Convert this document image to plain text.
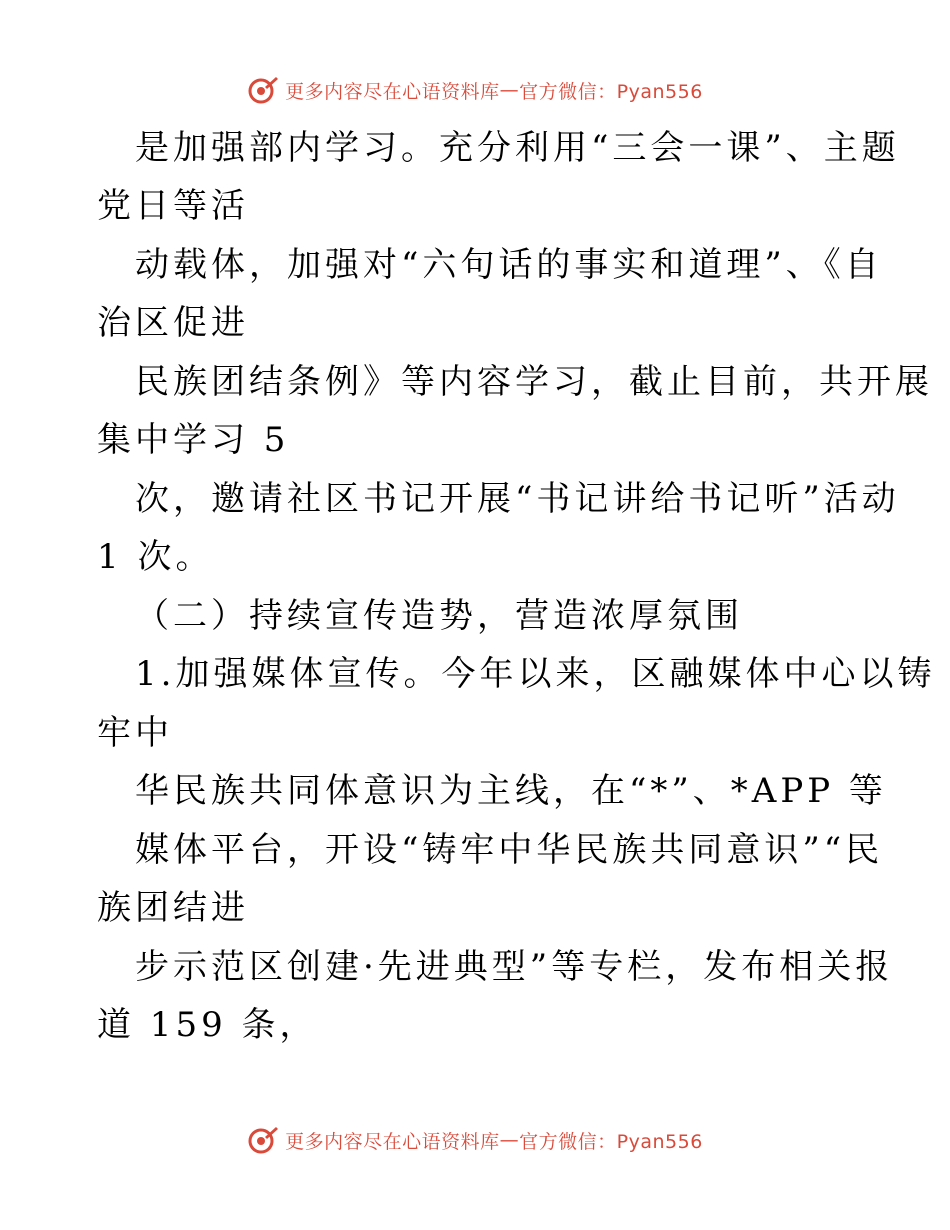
更多内容尽在心语资料库 — 官方微信：Pyan556
是加强部内学习。充分利用“三会一课”、主题
党日等活
动载体，加强对“六句话的事实和道理”、《自
治区促进
民族团结条例》等内容学习，截止目前，共开展
集中学习 5
次，邀请社区书记开展“书记讲给书记听”活动
1 次。
（二）持续宣传造势，营造浓厚氛围
1.加强媒体宣传。今年以来，区融媒体中心以铸
牢中
华民族共同体意识为主线，在“*”、*APP 等
媒体平台，开设“铸牢中华民族共同意识”“民
族团结进
步示范区创建·先进典型”等专栏，发布相关报
道 159 条，
更多内容尽在心语资料库 — 官方微信：Pyan556
